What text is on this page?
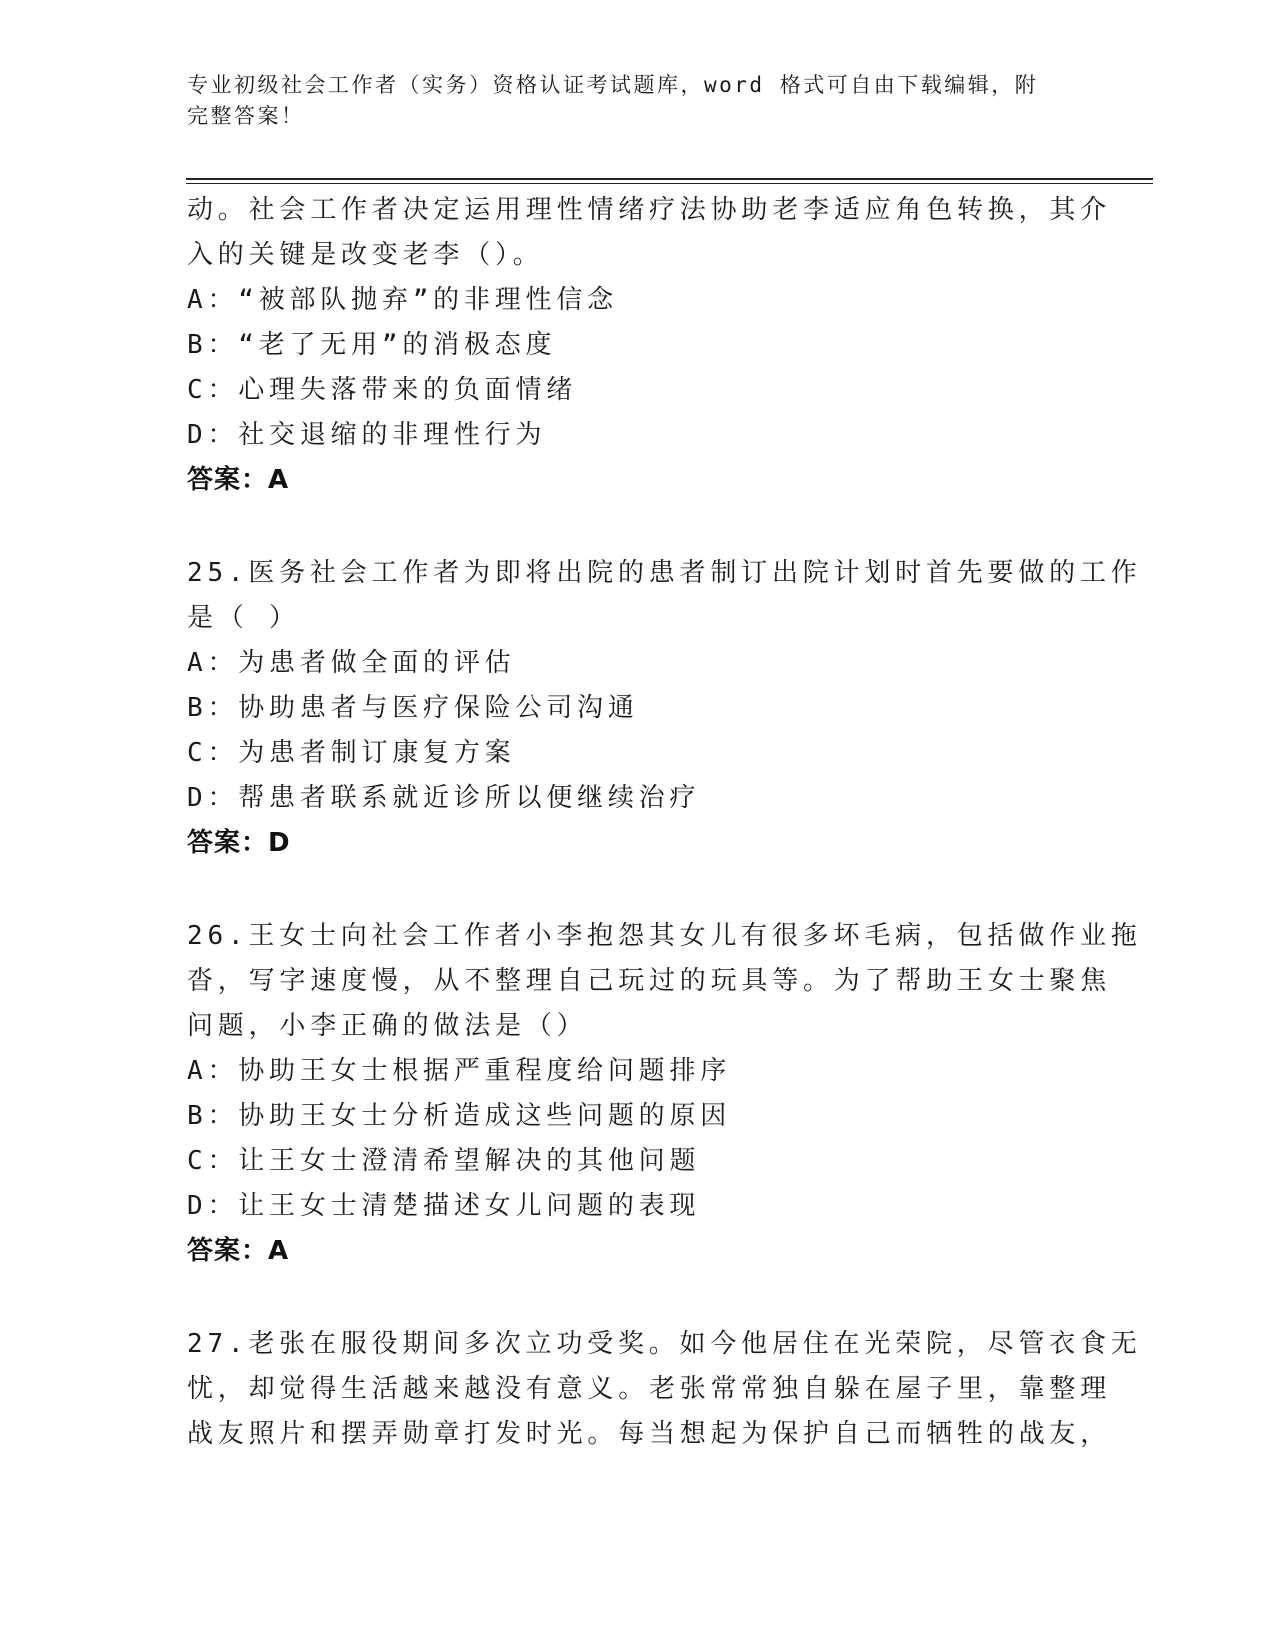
专业初级社会工作者（实务）资格认证考试题库，word 格式可自由下载编辑，附
完整答案！
动。社会工作者决定运用理性情绪疗法协助老李适应角色转换，其介
入的关键是改变老李（）。
A：“被部队抛弃”的非理性信念
B：“老了无用”的消极态度
C：心理失落带来的负面情绪
D：社交退缩的非理性行为
答案：A
25.医务社会工作者为即将出院的患者制订出院计划时首先要做的工作
是（ ）
A：为患者做全面的评估
B：协助患者与医疗保险公司沟通
C：为患者制订康复方案
D：帮患者联系就近诊所以便继续治疗
答案：D
26.王女士向社会工作者小李抱怨其女儿有很多坏毛病，包括做作业拖
沓，写字速度慢，从不整理自己玩过的玩具等。为了帮助王女士聚焦
问题，小李正确的做法是（）
A：协助王女士根据严重程度给问题排序
B：协助王女士分析造成这些问题的原因
C：让王女士澄清希望解决的其他问题
D：让王女士清楚描述女儿问题的表现
答案：A
27.老张在服役期间多次立功受奖。如今他居住在光荣院，尽管衣食无
忧，却觉得生活越来越没有意义。老张常常独自躲在屋子里，靠整理
战友照片和摆弄勋章打发时光。每当想起为保护自己而牺牲的战友，
